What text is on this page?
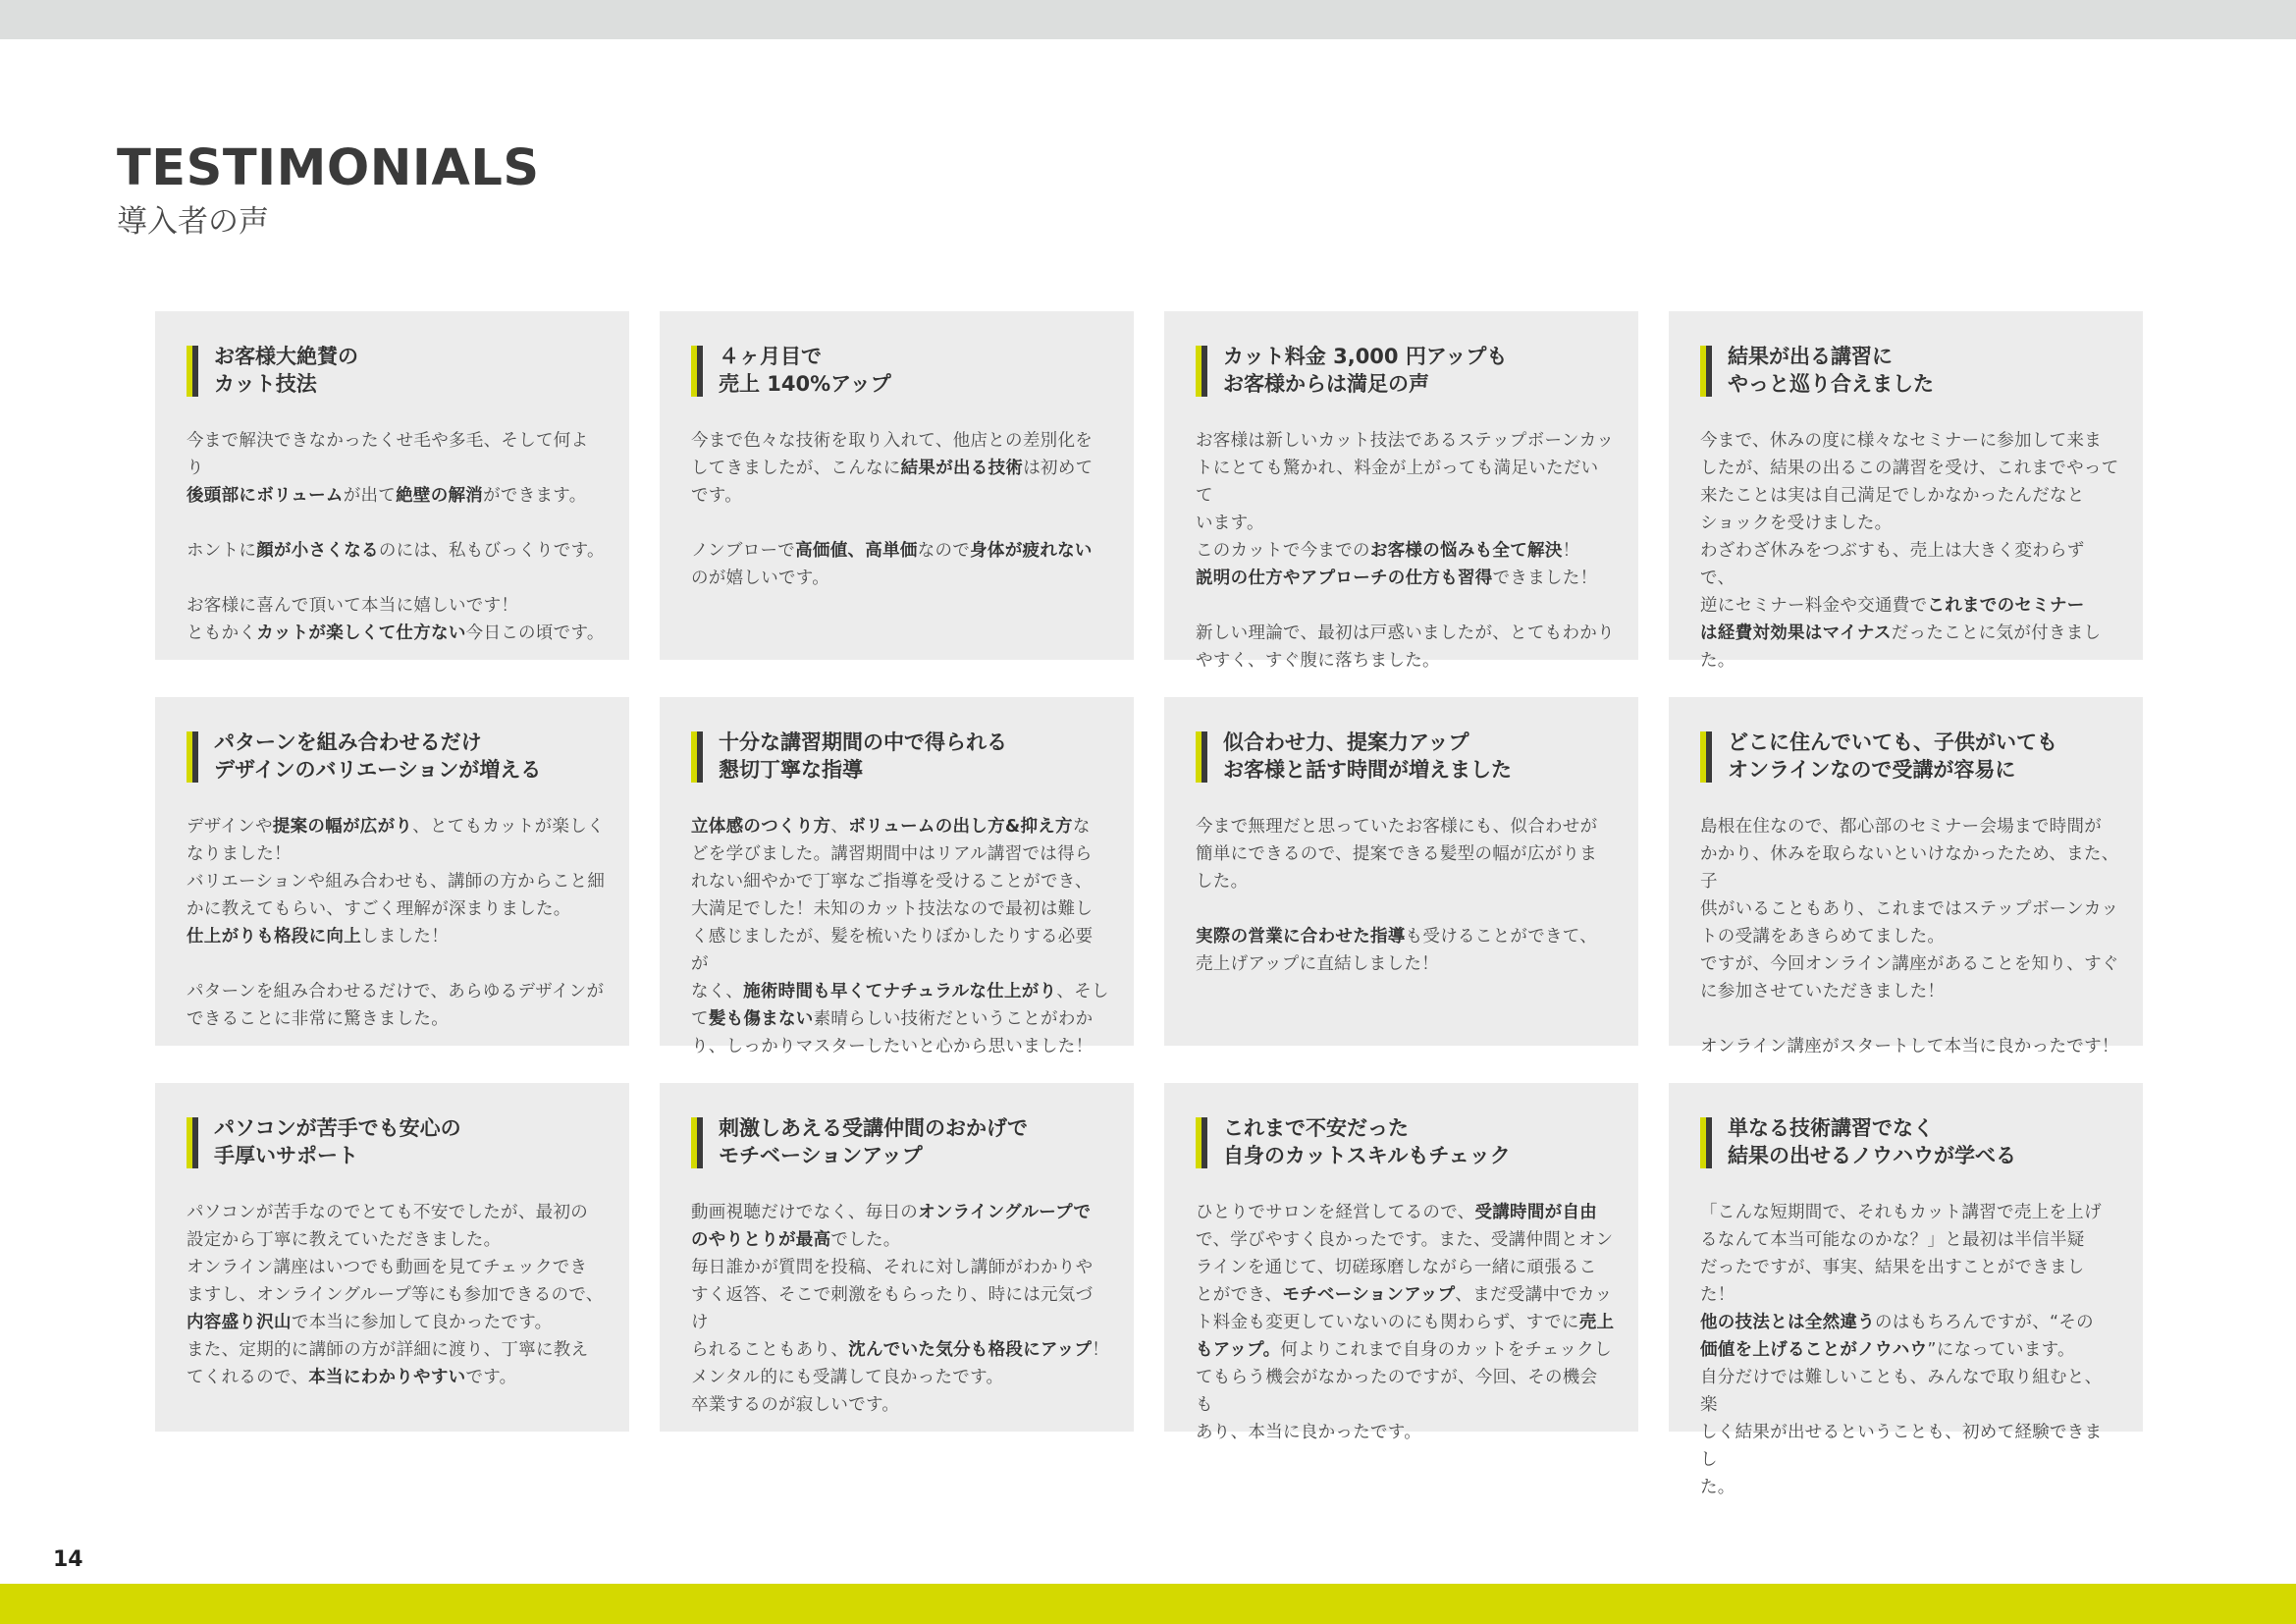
TESTIMONIALS
導入者の声
お客様大絶賛の
カット技法

今まで解決できなかったくせ毛や多毛、そして何より

後頭部にボリュームが出て絶壁の解消ができます。

ホントに顔が小さくなるのには、私もびっくりです。

お客様に喜んで頂いて本当に嬉しいです！

ともかくカットが楽しくて仕方ない今日この頃です。

４ヶ月目で
売上 140%アップ

今まで色々な技術を取り入れて、他店との差別化を

してきましたが、こんなに結果が出る技術は初めて

です。

ノンブローで高価値、高単価なので身体が疲れない

のが嬉しいです。

カット料金 3,000 円アップも
お客様からは満足の声

お客様は新しいカット技法であるステップボーンカッ

トにとても驚かれ、料金が上がっても満足いただいて

います。

このカットで今までのお客様の悩みも全て解決！

説明の仕方やアプローチの仕方も習得できました！

新しい理論で、最初は戸惑いましたが、とてもわかり

やすく、すぐ腹に落ちました。

結果が出る講習に
やっと巡り合えました

今まで、休みの度に様々なセミナーに参加して来ま

したが、結果の出るこの講習を受け、これまでやって

来たことは実は自己満足でしかなかったんだなと

ショックを受けました。

わざわざ休みをつぶすも、売上は大きく変わらずで、

逆にセミナー料金や交通費でこれまでのセミナー

は経費対効果はマイナスだったことに気が付きまし

た。

パターンを組み合わせるだけ
デザインのバリエーションが増える

デザインや提案の幅が広がり、とてもカットが楽しく

なりました！

バリエーションや組み合わせも、講師の方からこと細

かに教えてもらい、すごく理解が深まりました。

仕上がりも格段に向上しました！

パターンを組み合わせるだけで、あらゆるデザインが

できることに非常に驚きました。

十分な講習期間の中で得られる
懇切丁寧な指導

立体感のつくり方、ボリュームの出し方&抑え方な

どを学びました。講習期間中はリアル講習では得ら

れない細やかで丁寧なご指導を受けることができ、

大満足でした！未知のカット技法なので最初は難し

く感じましたが、髪を梳いたりぼかしたりする必要が

なく、施術時間も早くてナチュラルな仕上がり、そし

て髪も傷まない素晴らしい技術だということがわか

り、しっかりマスターしたいと心から思いました！

似合わせ力、提案力アップ
お客様と話す時間が増えました

今まで無理だと思っていたお客様にも、似合わせが

簡単にできるので、提案できる髪型の幅が広がりま

した。

実際の営業に合わせた指導も受けることができて、

売上げアップに直結しました！

どこに住んでいても、子供がいても
オンラインなので受講が容易に

島根在住なので、都心部のセミナー会場まで時間が

かかり、休みを取らないといけなかったため、また、子

供がいることもあり、これまではステップボーンカッ

トの受講をあきらめてました。

ですが、今回オンライン講座があることを知り、すぐ

に参加させていただきました！

オンライン講座がスタートして本当に良かったです！

パソコンが苦手でも安心の
手厚いサポート

パソコンが苦手なのでとても不安でしたが、最初の

設定から丁寧に教えていただきました。

オンライン講座はいつでも動画を見てチェックでき

ますし、オンライングループ等にも参加できるので、

内容盛り沢山で本当に参加して良かったです。

また、定期的に講師の方が詳細に渡り、丁寧に教え

てくれるので、本当にわかりやすいです。

刺激しあえる受講仲間のおかげで
モチベーションアップ

動画視聴だけでなく、毎日のオンライングループで

のやりとりが最高でした。

毎日誰かが質問を投稿、それに対し講師がわかりや

すく返答、そこで刺激をもらったり、時には元気づけ

られることもあり、沈んでいた気分も格段にアップ！

メンタル的にも受講して良かったです。

卒業するのが寂しいです。

これまで不安だった
自身のカットスキルもチェック

ひとりでサロンを経営してるので、受講時間が自由

で、学びやすく良かったです。また、受講仲間とオン

ラインを通じて、切磋琢磨しながら一緒に頑張るこ

とができ、モチベーションアップ、まだ受講中でカッ

ト料金も変更していないのにも関わらず、すでに売上

もアップ。何よりこれまで自身のカットをチェックし

てもらう機会がなかったのですが、今回、その機会も

あり、本当に良かったです。

単なる技術講習でなく
結果の出せるノウハウが学べる

「こんな短期間で、それもカット講習で売上を上げ

るなんて本当可能なのかな？」と最初は半信半疑

だったですが、事実、結果を出すことができました！

他の技法とは全然違うのはもちろんですが、“その

価値を上げることがノウハウ”になっています。

自分だけでは難しいことも、みんなで取り組むと、楽

しく結果が出せるということも、初めて経験できまし

た。

14
